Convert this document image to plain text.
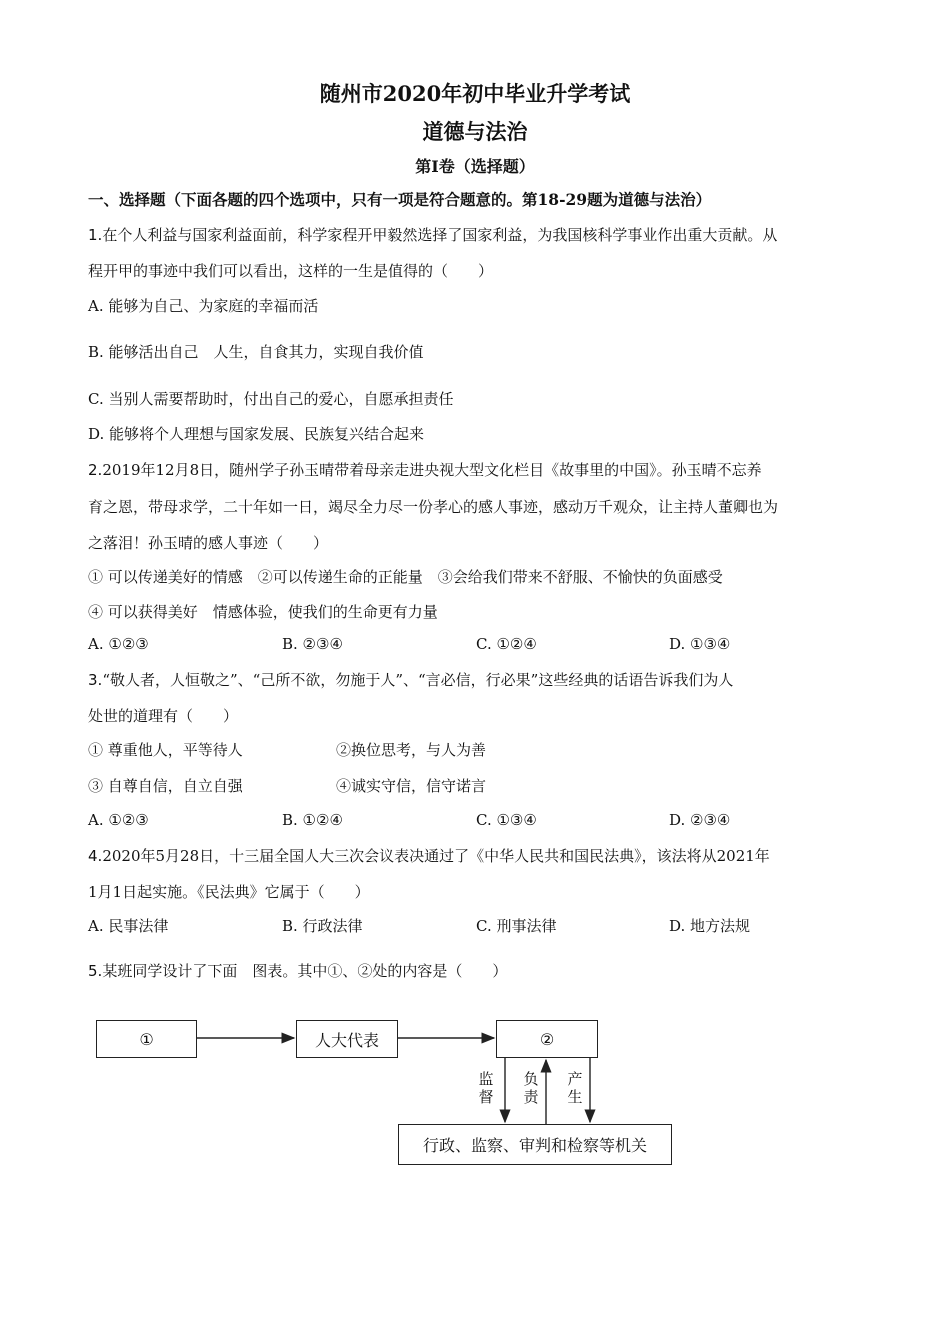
随州市2020年初中毕业升学考试
道德与法治
第Ⅰ卷（选择题）
一、选择题（下面各题的四个选项中，只有一项是符合题意的。第18-29题为道德与法治）
1.在个人利益与国家利益面前，科学家程开甲毅然选择了国家利益，为我国核科学事业作出重大贡献。从
程开甲的事迹中我们可以看出，这样的一生是值得的（　　）
A. 能够为自己、为家庭的幸福而活
B. 能够活出自己　人生，自食其力，实现自我价值
C. 当别人需要帮助时，付出自己的爱心，自愿承担责任
D. 能够将个人理想与国家发展、民族复兴结合起来
2.2019年12月8日，随州学子孙玉晴带着母亲走进央视大型文化栏目《故事里的中国》。孙玉晴不忘养
育之恩，带母求学，二十年如一日，竭尽全力尽一份孝心的感人事迹，感动万千观众，让主持人董卿也为
之落泪！孙玉晴的感人事迹（　　）
① 可以传递美好的情感　②可以传递生命的正能量　③会给我们带来不舒服、不愉快的负面感受
④ 可以获得美好　情感体验，使我们的生命更有力量
A. ①②③	B. ②③④	C. ①②④	D. ①③④
3.“敬人者，人恒敬之”、“己所不欲，勿施于人”、“言必信，行必果”这些经典的话语告诉我们为人
处世的道理有（　　）
① 尊重他人，平等待人	②换位思考，与人为善
③ 自尊自信，自立自强	④诚实守信，信守诺言
A. ①②③	B. ①②④	C. ①③④	D. ②③④
4.2020年5月28日，十三届全国人大三次会议表决通过了《中华人民共和国民法典》，该法将从2021年
1月1日起实施。《民法典》它属于（　　）
A. 民事法律	B. 行政法律	C. 刑事法律	D. 地方法规
5.某班同学设计了下面　图表。其中①、②处的内容是（　　）
①	人大代表	②
行政、监察、审判和检察等机关
监督
负责
产生
